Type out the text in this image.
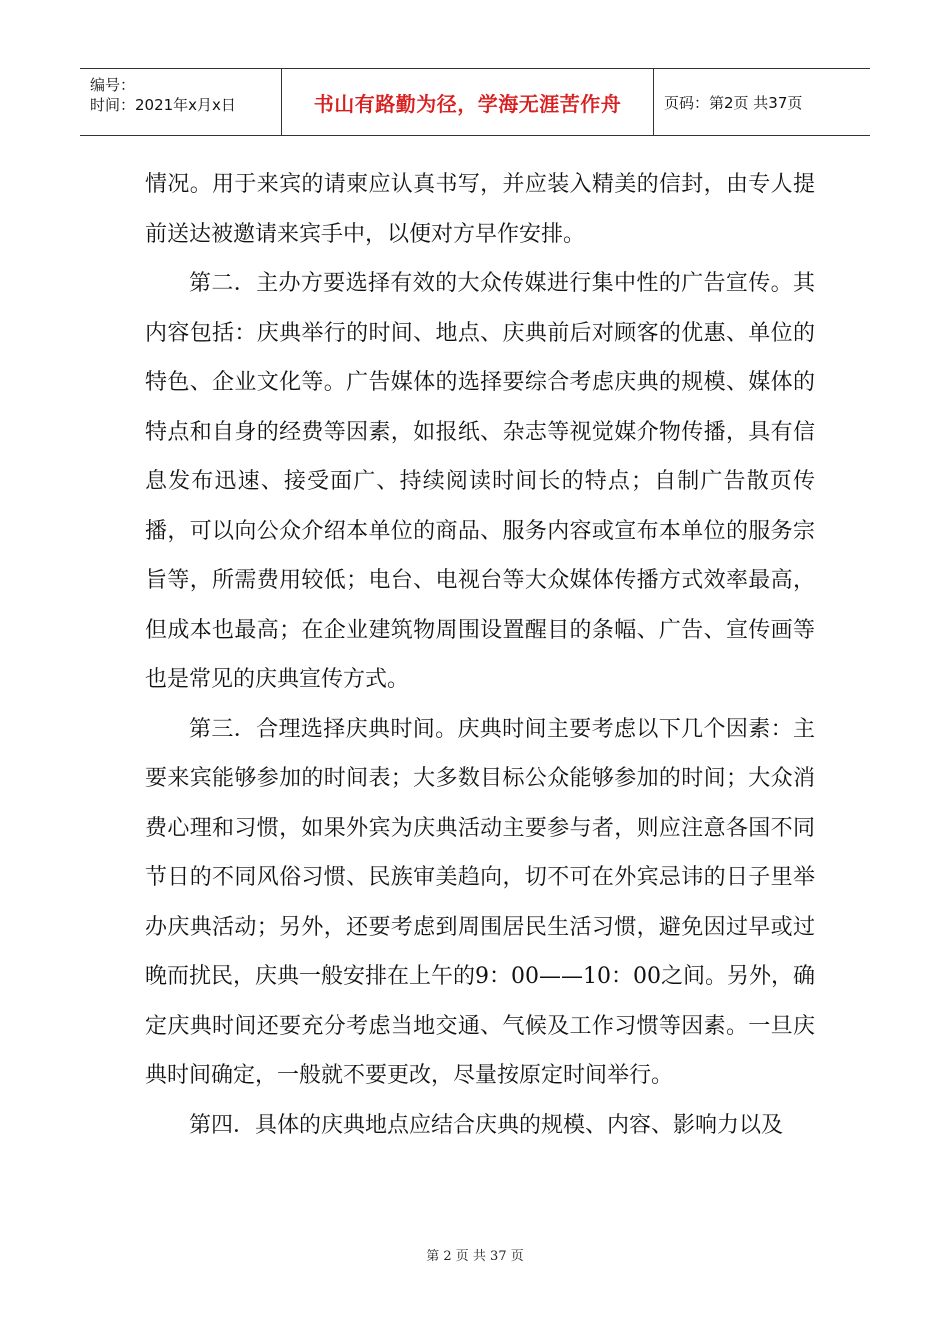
编号：
时间：2021年x月x日	书山有路勤为径，学海无涯苦作舟	页码：第2页 共37页

情况。用于来宾的请柬应认真书写，并应装入精美的信封，由专人提前送达被邀请来宾手中，以便对方早作安排。

第二．主办方要选择有效的大众传媒进行集中性的广告宣传。其内容包括：庆典举行的时间、地点、庆典前后对顾客的优惠、单位的特色、企业文化等。广告媒体的选择要综合考虑庆典的规模、媒体的特点和自身的经费等因素，如报纸、杂志等视觉媒介物传播，具有信息发布迅速、接受面广、持续阅读时间长的特点；自制广告散页传播，可以向公众介绍本单位的商品、服务内容或宣布本单位的服务宗旨等，所需费用较低；电台、电视台等大众媒体传播方式效率最高，但成本也最高；在企业建筑物周围设置醒目的条幅、广告、宣传画等也是常见的庆典宣传方式。

第三．合理选择庆典时间。庆典时间主要考虑以下几个因素：主要来宾能够参加的时间表；大多数目标公众能够参加的时间；大众消费心理和习惯，如果外宾为庆典活动主要参与者，则应注意各国不同节日的不同风俗习惯、民族审美趋向，切不可在外宾忌讳的日子里举办庆典活动；另外，还要考虑到周围居民生活习惯，避免因过早或过晚而扰民，庆典一般安排在上午的9：00——10：00之间。另外，确定庆典时间还要充分考虑当地交通、气候及工作习惯等因素。一旦庆典时间确定，一般就不要更改，尽量按原定时间举行。

第四．具体的庆典地点应结合庆典的规模、内容、影响力以及

第 2 页 共 37 页
